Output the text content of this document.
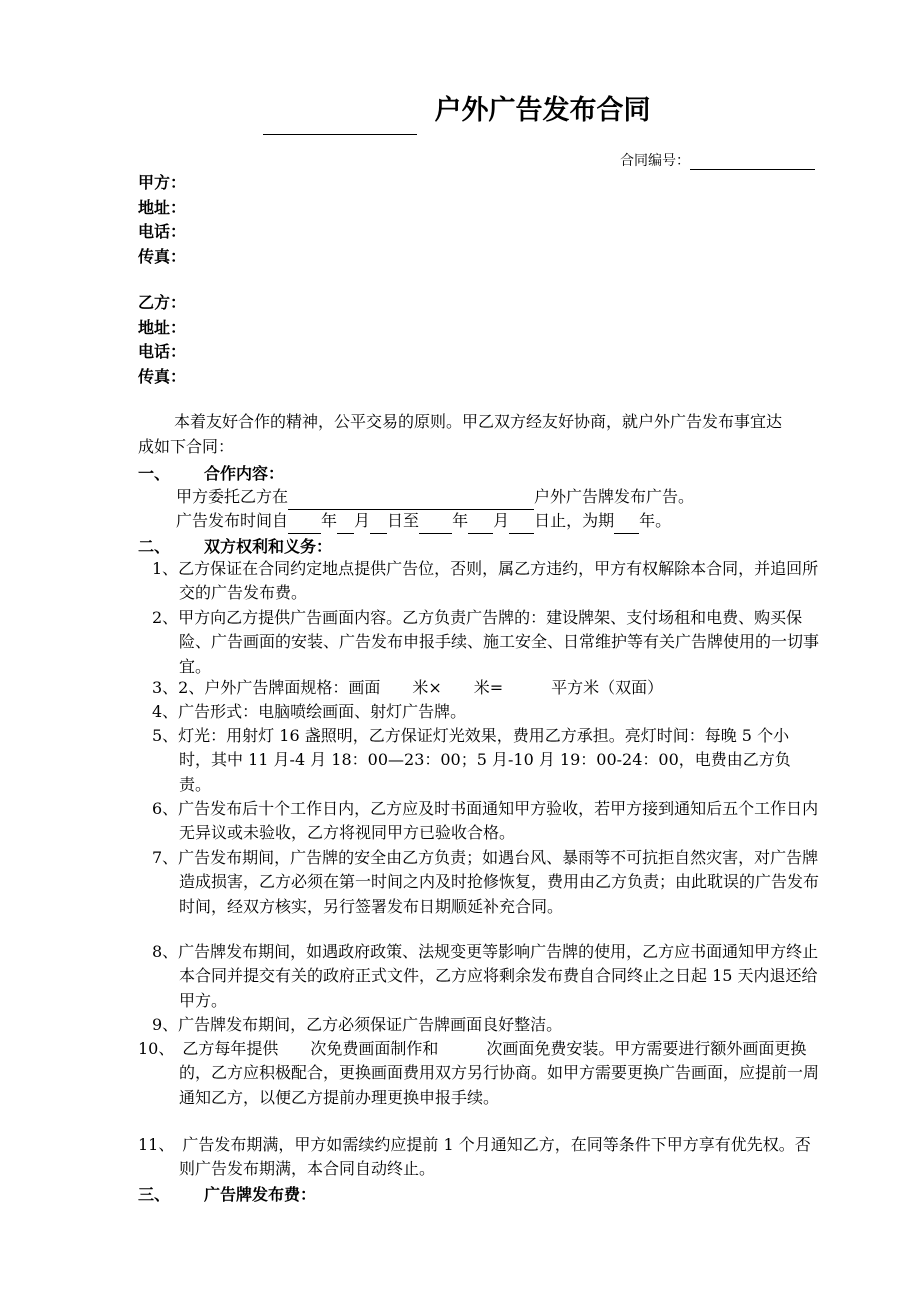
户外广告发布合同
合同编号：
甲方：
地址：
电话：
传真：
乙方：
地址：
电话：
传真：
本着友好合作的精神，公平交易的原则。甲乙双方经友好协商，就户外广告发布事宜达成如下合同：
一、 合作内容：
甲方委托乙方在	户外广告牌发布广告。
广告发布时间自 年 月 日至 年 月 日止，为期 年。
二、 双方权利和义务：
1、乙方保证在合同约定地点提供广告位，否则，属乙方违约，甲方有权解除本合同，并追回所交的广告发布费。
2、甲方向乙方提供广告画面内容。乙方负责广告牌的：建设牌架、支付场租和电费、购买保险、广告画面的安装、广告发布申报手续、施工安全、日常维护等有关广告牌使用的一切事宜。
3、2、户外广告牌面规格：画面　　米×　　米=　　　平方米（双面）
4、广告形式：电脑喷绘画面、射灯广告牌。
5、灯光：用射灯 16 盏照明，乙方保证灯光效果，费用乙方承担。亮灯时间：每晚 5 个小时，其中 11 月-4 月 18：00—23：00；5 月-10 月 19：00-24：00，电费由乙方负责。
6、广告发布后十个工作日内，乙方应及时书面通知甲方验收，若甲方接到通知后五个工作日内无异议或未验收，乙方将视同甲方已验收合格。
7、广告发布期间，广告牌的安全由乙方负责；如遇台风、暴雨等不可抗拒自然灾害，对广告牌造成损害，乙方必须在第一时间之内及时抢修恢复，费用由乙方负责；由此耽误的广告发布时间，经双方核实，另行签署发布日期顺延补充合同。
8、广告牌发布期间，如遇政府政策、法规变更等影响广告牌的使用，乙方应书面通知甲方终止本合同并提交有关的政府正式文件，乙方应将剩余发布费自合同终止之日起 15 天内退还给甲方。
9、广告牌发布期间，乙方必须保证广告牌画面良好整洁。
10、　乙方每年提供　　次免费画面制作和　　　次画面免费安装。甲方需要进行额外画面更换的，乙方应积极配合，更换画面费用双方另行协商。如甲方需要更换广告画面，应提前一周通知乙方，以便乙方提前办理更换申报手续。
11、　广告发布期满，甲方如需续约应提前 1 个月通知乙方，在同等条件下甲方享有优先权。否则广告发布期满，本合同自动终止。
三、 广告牌发布费：
